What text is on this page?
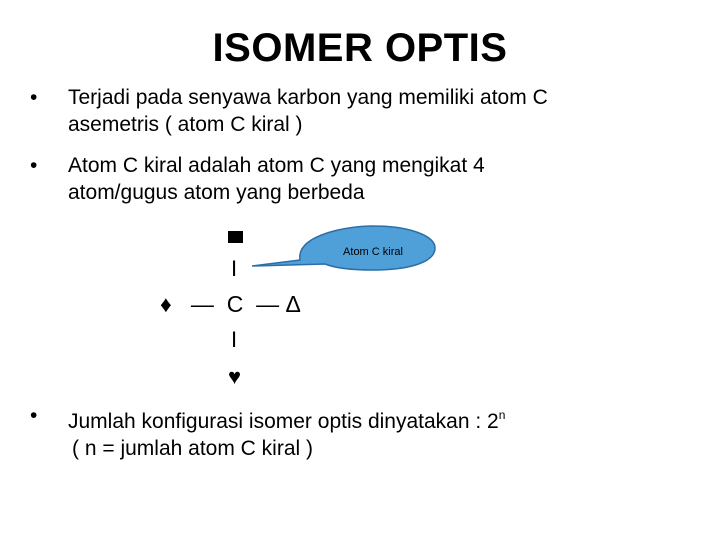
ISOMER OPTIS
•	Terjadi pada senyawa karbon yang memiliki atom C
asemetris ( atom C kiral )
•	Atom C kiral adalah atom C yang mengikat 4
atom/gugus atom yang berbeda
I
♦ — C — Δ
I
♥
Atom C kiral
•	Jumlah konfigurasi isomer optis dinyatakan : 2$^n$
( n = jumlah atom C kiral )
